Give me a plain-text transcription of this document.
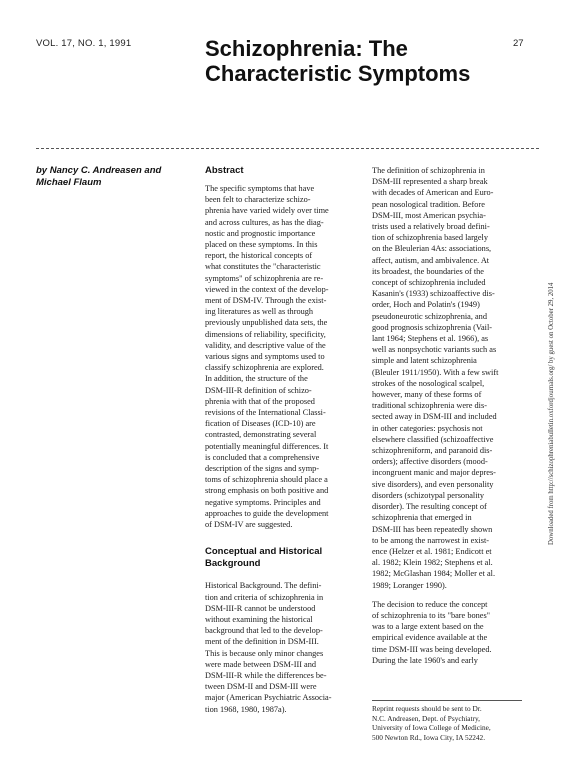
VOL. 17, NO. 1, 1991	27
Schizophrenia: The
Characteristic Symptoms
by Nancy C. Andreasen and
Michael Flaum
Abstract
The specific symptoms that have
been felt to characterize schizo-
phrenia have varied widely over time
and across cultures, as has the diag-
nostic and prognostic importance
placed on these symptoms. In this
report, the historical concepts of
what constitutes the "characteristic
symptoms" of schizophrenia are re-
viewed in the context of the develop-
ment of DSM-IV. Through the exist-
ing literatures as well as through
previously unpublished data sets, the
dimensions of reliability, specificity,
validity, and descriptive value of the
various signs and symptoms used to
classify schizophrenia are explored.
In addition, the structure of the
DSM-III-R definition of schizo-
phrenia with that of the proposed
revisions of the International Classi-
fication of Diseases (ICD-10) are
contrasted, demonstrating several
potentially meaningful differences. It
is concluded that a comprehensive
description of the signs and symp-
toms of schizophrenia should place a
strong emphasis on both positive and
negative symptoms. Principles and
approaches to guide the development
of DSM-IV are suggested.
Conceptual and Historical
Background
Historical Background. The defini-
tion and criteria of schizophrenia in
DSM-III-R cannot be understood
without examining the historical
background that led to the develop-
ment of the definition in DSM-III.
This is because only minor changes
were made between DSM-III and
DSM-III-R while the differences be-
tween DSM-II and DSM-III were
major (American Psychiatric Associa-
tion 1968, 1980, 1987a).
The definition of schizophrenia in
DSM-III represented a sharp break
with decades of American and Euro-
pean nosological tradition. Before
DSM-III, most American psychia-
trists used a relatively broad defini-
tion of schizophrenia based largely
on the Bleulerian 4As: associations,
affect, autism, and ambivalence. At
its broadest, the boundaries of the
concept of schizophrenia included
Kasanin's (1933) schizoaffective dis-
order, Hoch and Polatin's (1949)
pseudoneurotic schizophrenia, and
good prognosis schizophrenia (Vail-
lant 1964; Stephens et al. 1966), as
well as nonpsychotic variants such as
simple and latent schizophrenia
(Bleuler 1911/1950). With a few swift
strokes of the nosological scalpel,
however, many of these forms of
traditional schizophrenia were dis-
sected away in DSM-III and included
in other categories: psychosis not
elsewhere classified (schizoaffective
schizophreniform, and paranoid dis-
orders); affective disorders (mood-
incongruent manic and major depres-
sive disorders), and even personality
disorders (schizotypal personality
disorder). The resulting concept of
schizophrenia that emerged in
DSM-III has been repeatedly shown
to be among the narrowest in exist-
ence (Helzer et al. 1981; Endicott et
al. 1982; Klein 1982; Stephens et al.
1982; McGlashan 1984; Moller et al.
1989; Loranger 1990).
The decision to reduce the concept
of schizophrenia to its "bare bones"
was to a large extent based on the
empirical evidence available at the
time DSM-III was being developed.
During the late 1960's and early
Reprint requests should be sent to Dr.
N.C. Andreasen, Dept. of Psychiatry,
University of Iowa College of Medicine,
500 Newton Rd., Iowa City, IA 52242.
Downloaded from http://schizophreniabulletin.oxfordjournals.org/ by guest on October 29, 2014
